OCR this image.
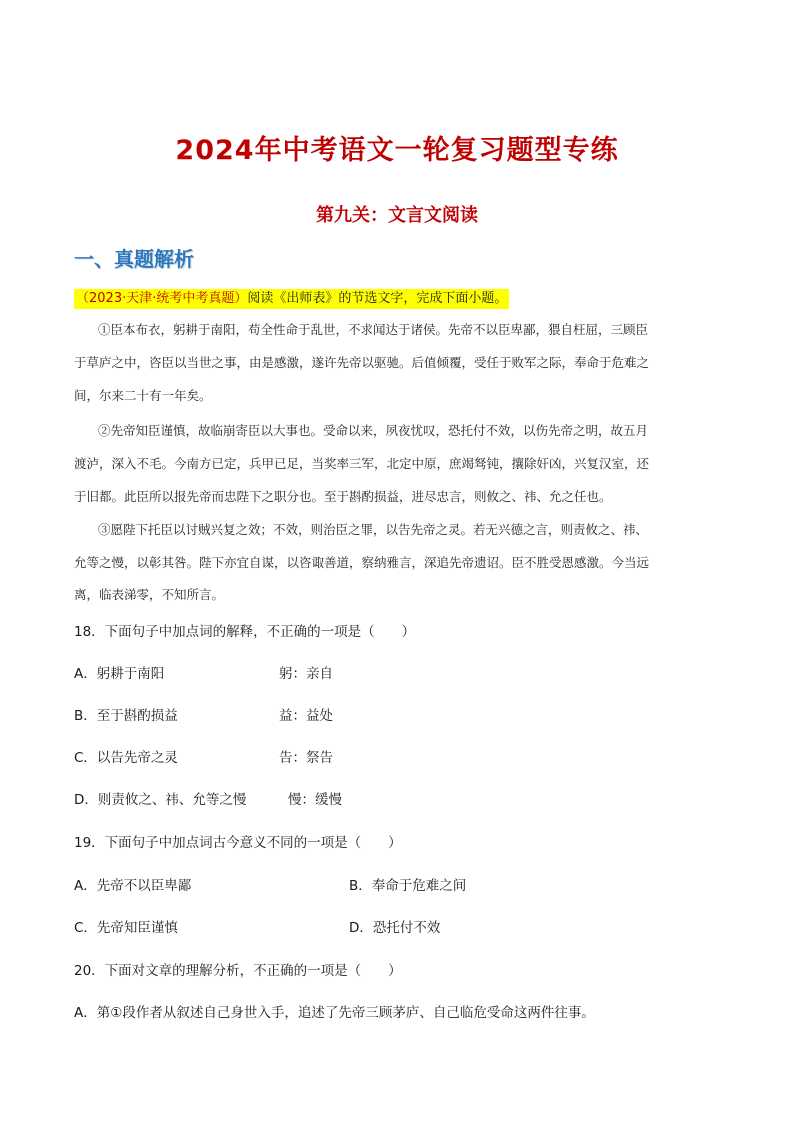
2024年中考语文一轮复习题型专练
第九关：文言文阅读
一、真题解析
（2023·天津·统考中考真题）阅读《出师表》的节选文字，完成下面小题。
①臣本布衣，躬耕于南阳，苟全性命于乱世，不求闻达于诸侯。先帝不以臣卑鄙，猥自枉屈，三顾臣
于草庐之中，咨臣以当世之事，由是感激，遂许先帝以驱驰。后值倾覆，受任于败军之际，奉命于危难之
间，尔来二十有一年矣。
②先帝知臣谨慎，故临崩寄臣以大事也。受命以来，夙夜忧叹，恐托付不效，以伤先帝之明，故五月
渡泸，深入不毛。今南方已定，兵甲已足，当奖率三军，北定中原，庶竭驽钝，攘除奸凶，兴复汉室，还
于旧都。此臣所以报先帝而忠陛下之职分也。至于斟酌损益，进尽忠言，则攸之、祎、允之任也。
③愿陛下托臣以讨贼兴复之效；不效，则治臣之罪，以告先帝之灵。若无兴德之言，则责攸之、祎、
允等之慢，以彰其咎。陛下亦宜自谋，以咨诹善道，察纳雅言，深追先帝遗诏。臣不胜受恩感激。今当远
离，临表涕零，不知所言。
18．下面句子中加点词的解释，不正确的一项是（　　）
A．躬耕于南阳	躬：亲自
B．至于斟酌损益	益：益处
C．以告先帝之灵	告：祭告
D．则责攸之、祎、允等之慢	慢：缓慢
19．下面句子中加点词古今意义不同的一项是（　　）
A．先帝不以臣卑鄙	B．奉命于危难之间
C．先帝知臣谨慎	D．恐托付不效
20．下面对文章的理解分析，不正确的一项是（　　）
A．第①段作者从叙述自己身世入手，追述了先帝三顾茅庐、自己临危受命这两件往事。
